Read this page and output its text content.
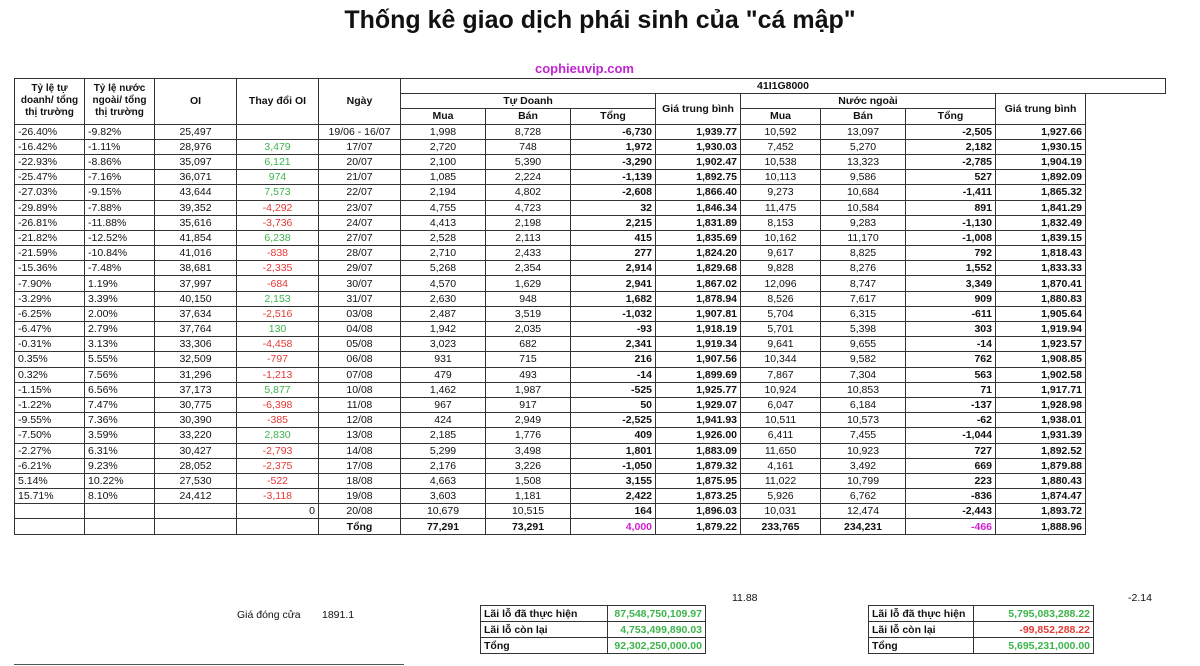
Thống kê giao dịch phái sinh của "cá mập"
cophieuvip.com
Tỷ lệ tự doanh/ tổng thị trường	Tỷ lệ nước ngoài/ tổng thị trường	OI	Thay đổi OI	Ngày	41I1G8000							
					Tự Doanh			Giá trung bình	Nước ngoài			Giá trung bình
					Mua	Bán	Tổng		Mua	Bán	Tổng	
-26.40%	-9.82%	25,497		19/06 - 16/07	1,998	8,728	-6,730	1,939.77	10,592	13,097	-2,505	1,927.66
-16.42%	-1.11%	28,976	3,479	17/07	2,720	748	1,972	1,930.03	7,452	5,270	2,182	1,930.15
-22.93%	-8.86%	35,097	6,121	20/07	2,100	5,390	-3,290	1,902.47	10,538	13,323	-2,785	1,904.19
-25.47%	-7.16%	36,071	974	21/07	1,085	2,224	-1,139	1,892.75	10,113	9,586	527	1,892.09
-27.03%	-9.15%	43,644	7,573	22/07	2,194	4,802	-2,608	1,866.40	9,273	10,684	-1,411	1,865.32
-29.89%	-7.88%	39,352	-4,292	23/07	4,755	4,723	32	1,846.34	11,475	10,584	891	1,841.29
-26.81%	-11.88%	35,616	-3,736	24/07	4,413	2,198	2,215	1,831.89	8,153	9,283	-1,130	1,832.49
-21.82%	-12.52%	41,854	6,238	27/07	2,528	2,113	415	1,835.69	10,162	11,170	-1,008	1,839.15
-21.59%	-10.84%	41,016	-838	28/07	2,710	2,433	277	1,824.20	9,617	8,825	792	1,818.43
-15.36%	-7.48%	38,681	-2,335	29/07	5,268	2,354	2,914	1,829.68	9,828	8,276	1,552	1,833.33
-7.90%	1.19%	37,997	-684	30/07	4,570	1,629	2,941	1,867.02	12,096	8,747	3,349	1,870.41
-3.29%	3.39%	40,150	2,153	31/07	2,630	948	1,682	1,878.94	8,526	7,617	909	1,880.83
-6.25%	2.00%	37,634	-2,516	03/08	2,487	3,519	-1,032	1,907.81	5,704	6,315	-611	1,905.64
-6.47%	2.79%	37,764	130	04/08	1,942	2,035	-93	1,918.19	5,701	5,398	303	1,919.94
-0.31%	3.13%	33,306	-4,458	05/08	3,023	682	2,341	1,919.34	9,641	9,655	-14	1,923.57
0.35%	5.55%	32,509	-797	06/08	931	715	216	1,907.56	10,344	9,582	762	1,908.85
0.32%	7.56%	31,296	-1,213	07/08	479	493	-14	1,899.69	7,867	7,304	563	1,902.58
-1.15%	6.56%	37,173	5,877	10/08	1,462	1,987	-525	1,925.77	10,924	10,853	71	1,917.71
-1.22%	7.47%	30,775	-6,398	11/08	967	917	50	1,929.07	6,047	6,184	-137	1,928.98
-9.55%	7.36%	30,390	-385	12/08	424	2,949	-2,525	1,941.93	10,511	10,573	-62	1,938.01
-7.50%	3.59%	33,220	2,830	13/08	2,185	1,776	409	1,926.00	6,411	7,455	-1,044	1,931.39
-2.27%	6.31%	30,427	-2,793	14/08	5,299	3,498	1,801	1,883.09	11,650	10,923	727	1,892.52
-6.21%	9.23%	28,052	-2,375	17/08	2,176	3,226	-1,050	1,879.32	4,161	3,492	669	1,879.88
5.14%	10.22%	27,530	-522	18/08	4,663	1,508	3,155	1,875.95	11,022	10,799	223	1,880.43
15.71%	8.10%	24,412	-3,118	19/08	3,603	1,181	2,422	1,873.25	5,926	6,762	-836	1,874.47
			0	20/08	10,679	10,515	164	1,896.03	10,031	12,474	-2,443	1,893.72
				Tổng	77,291	73,291	4,000	1,879.22	233,765	234,231	-466	1,888.96
11.88	-2.14
Giá đóng cửa 1891.1	Lãi lỗ đã thực hiện	87,548,750,109.97
Lãi lỗ còn lại	4,753,499,890.03
Tổng	92,302,250,000.00
Lãi lỗ đã thực hiện	5,795,083,288.22
Lãi lỗ còn lại	-99,852,288.22
Tổng	5,695,231,000.00
